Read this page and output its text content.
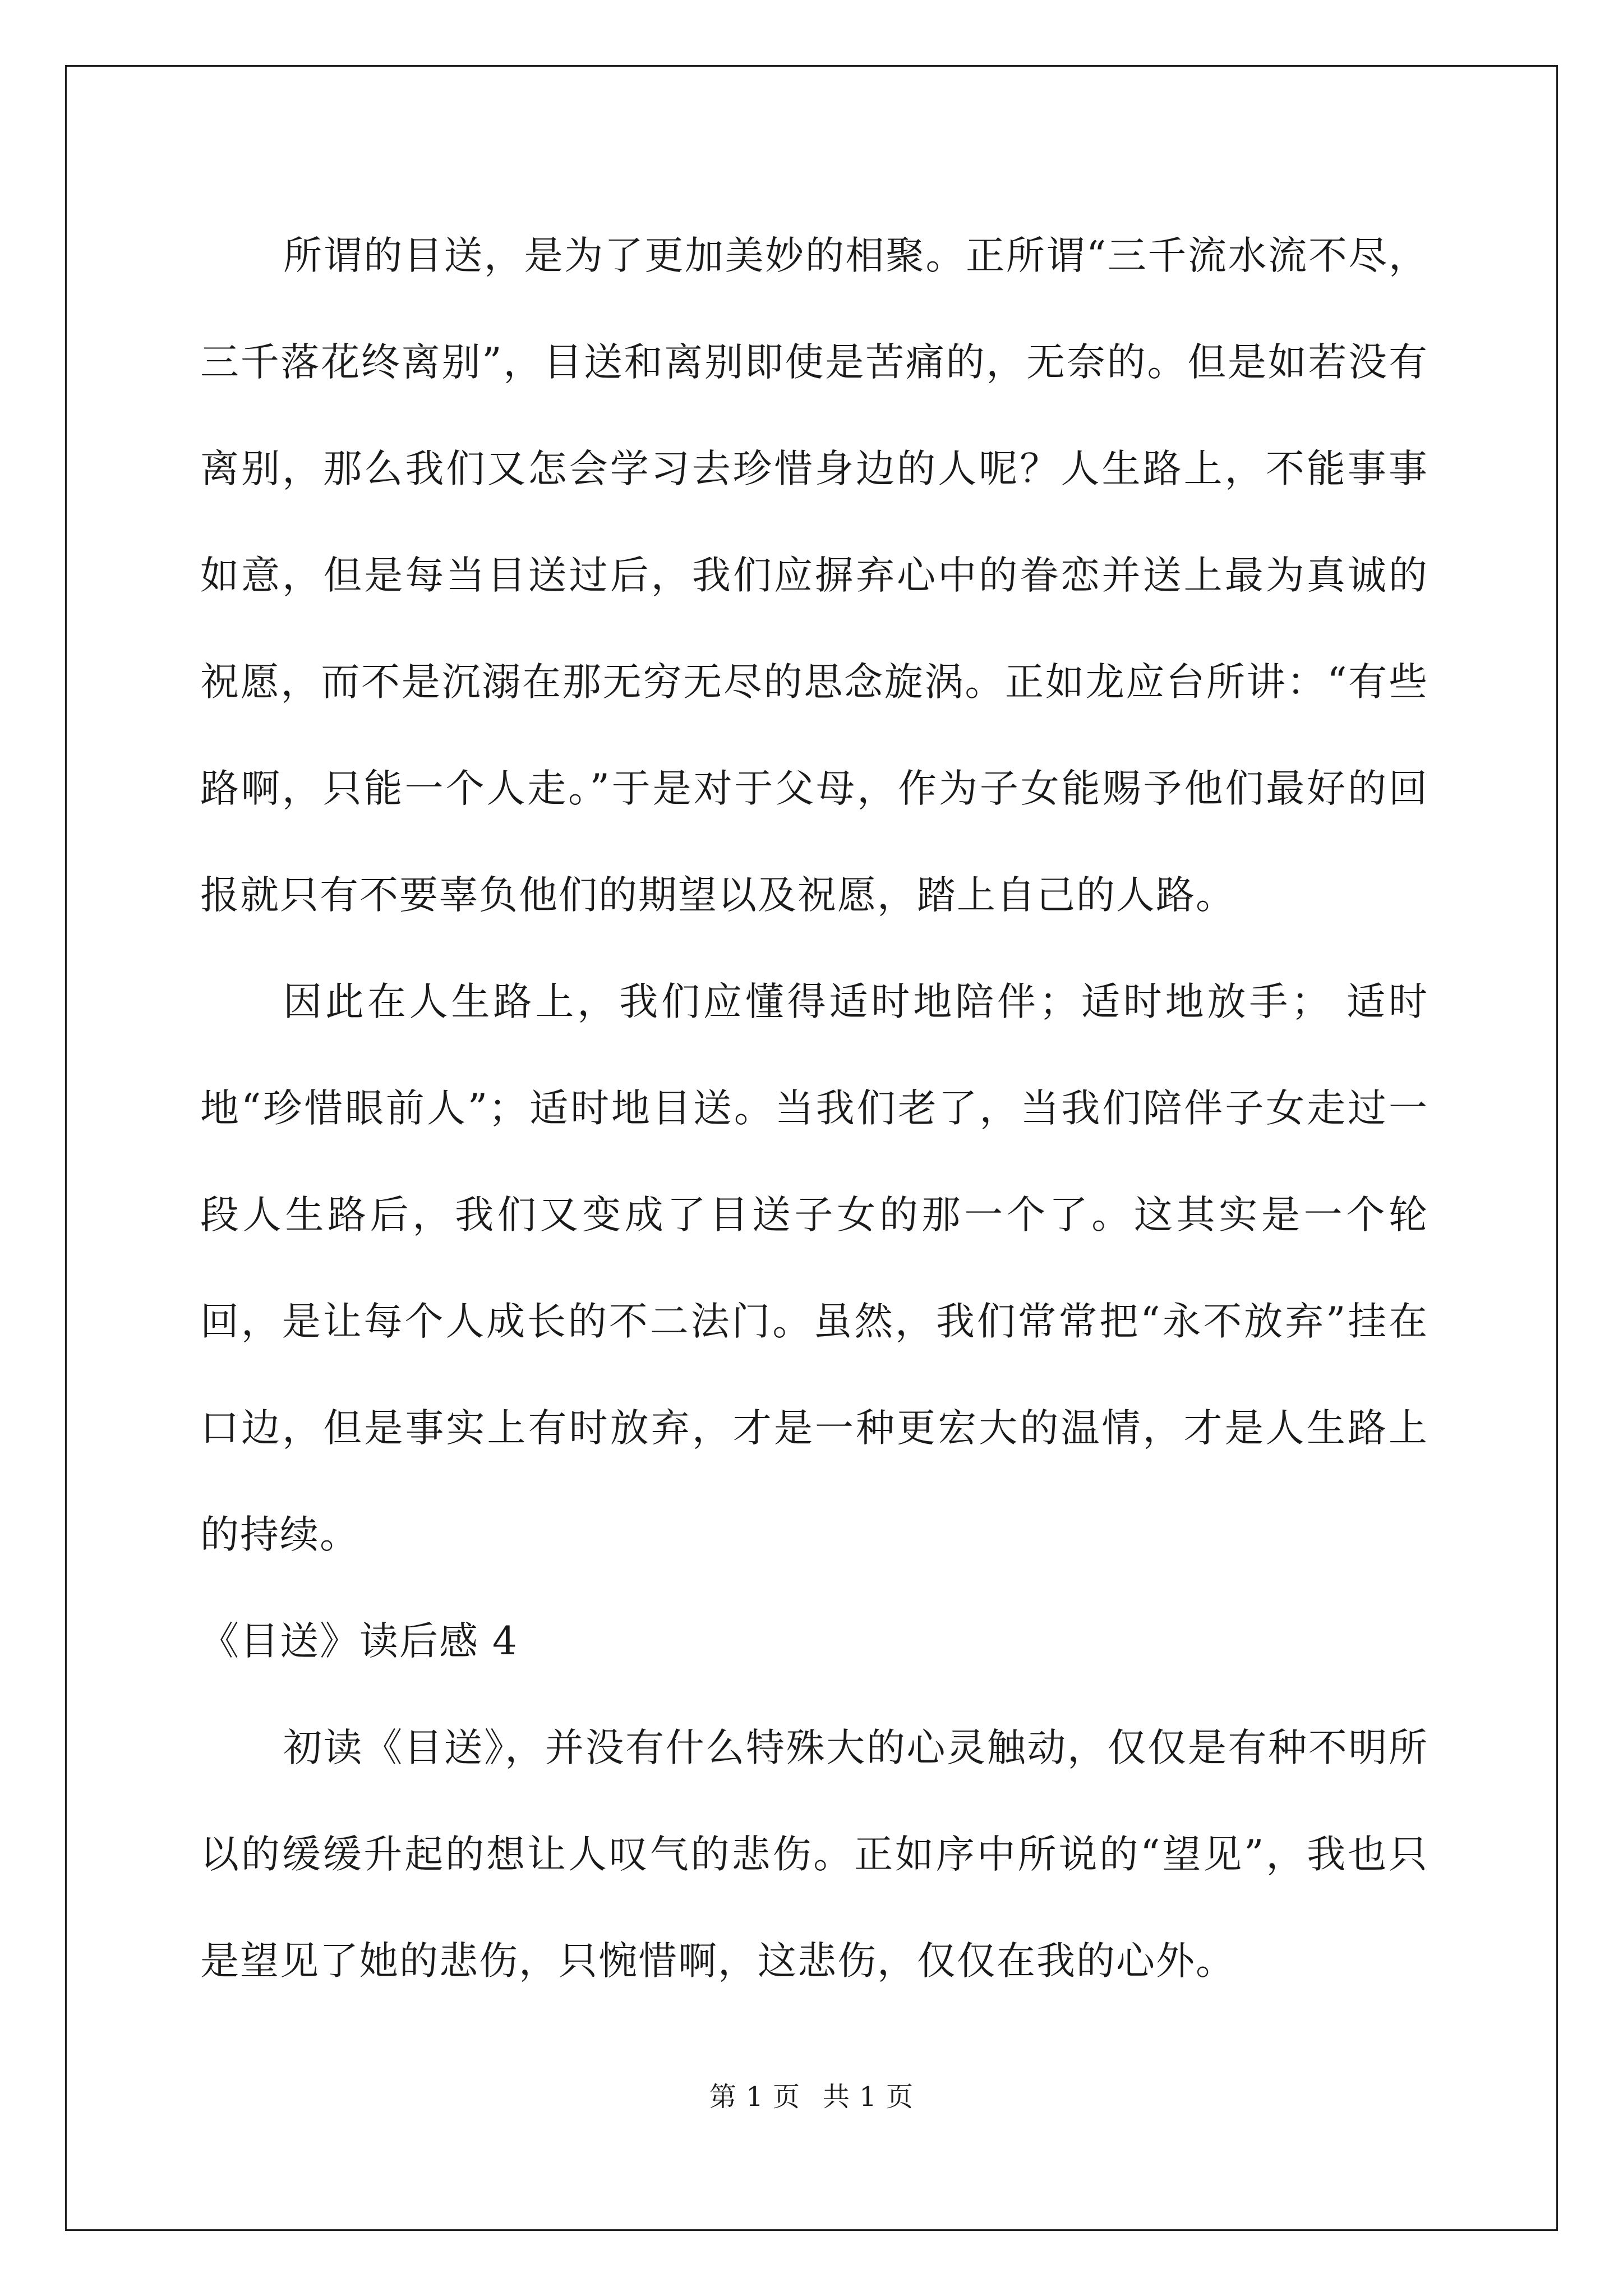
所谓的目送，是为了更加美妙的相聚。正所谓“三千流水流不尽，三千落花终离别”，目送和离别即使是苦痛的，无奈的。但是如若没有离别，那么我们又怎会学习去珍惜身边的人呢？人生路上，不能事事如意，但是每当目送过后，我们应摒弃心中的眷恋并送上最为真诚的祝愿，而不是沉溺在那无穷无尽的思念旋涡。正如龙应台所讲：“有些路啊，只能一个人走。”于是对于父母，作为子女能赐予他们最好的回报就只有不要辜负他们的期望以及祝愿，踏上自己的人路。

因此在人生路上，我们应懂得适时地陪伴；适时地放手； 适时地“珍惜眼前人”；适时地目送。当我们老了，当我们陪伴子女走过一段人生路后，我们又变成了目送子女的那一个了。这其实是一个轮回，是让每个人成长的不二法门。虽然，我们常常把“永不放弃”挂在口边，但是事实上有时放弃，才是一种更宏大的温情，才是人生路上的持续。

《目送》读后感 4

初读《目送》，并没有什么特殊大的心灵触动，仅仅是有种不明所以的缓缓升起的想让人叹气的悲伤。正如序中所说的“望见”，我也只是望见了她的悲伤，只惋惜啊，这悲伤，仅仅在我的心外。

第 1 页 共 1 页
